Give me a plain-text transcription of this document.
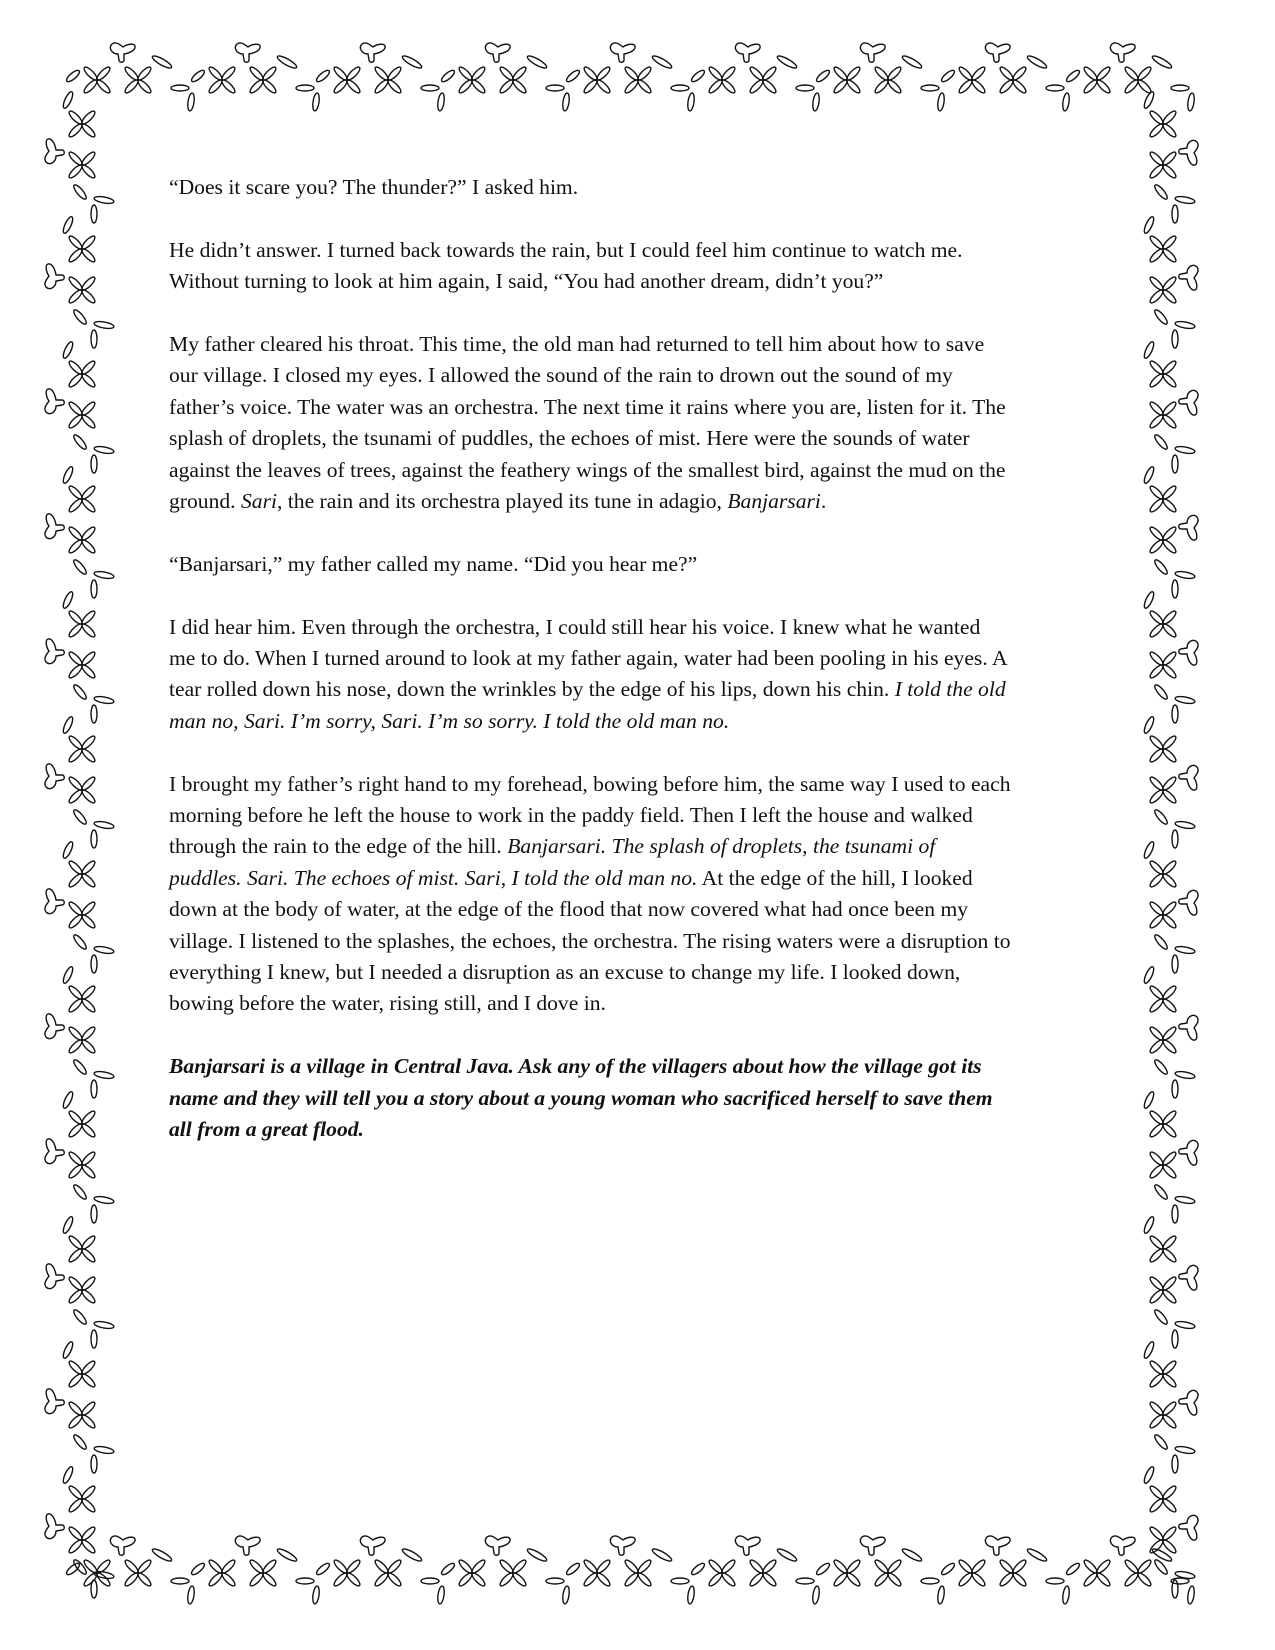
“Does it scare you? The thunder?” I asked him.

He didn’t answer. I turned back towards the rain, but I could feel him continue to watch me.
Without turning to look at him again, I said, “You had another dream, didn’t you?”

My father cleared his throat. This time, the old man had returned to tell him about how to save
our village. I closed my eyes. I allowed the sound of the rain to drown out the sound of my
father’s voice. The water was an orchestra. The next time it rains where you are, listen for it. The
splash of droplets, the tsunami of puddles, the echoes of mist. Here were the sounds of water
against the leaves of trees, against the feathery wings of the smallest bird, against the mud on the
ground. Sari, the rain and its orchestra played its tune in adagio, Banjarsari.

“Banjarsari,” my father called my name. “Did you hear me?”

I did hear him. Even through the orchestra, I could still hear his voice. I knew what he wanted
me to do. When I turned around to look at my father again, water had been pooling in his eyes. A
tear rolled down his nose, down the wrinkles by the edge of his lips, down his chin. I told the old
man no, Sari. I’m sorry, Sari. I’m so sorry. I told the old man no.

I brought my father’s right hand to my forehead, bowing before him, the same way I used to each
morning before he left the house to work in the paddy field. Then I left the house and walked
through the rain to the edge of the hill. Banjarsari. The splash of droplets, the tsunami of
puddles. Sari. The echoes of mist. Sari, I told the old man no. At the edge of the hill, I looked
down at the body of water, at the edge of the flood that now covered what had once been my
village. I listened to the splashes, the echoes, the orchestra. The rising waters were a disruption to
everything I knew, but I needed a disruption as an excuse to change my life. I looked down,
bowing before the water, rising still, and I dove in.

Banjarsari is a village in Central Java. Ask any of the villagers about how the village got its
name and they will tell you a story about a young woman who sacrificed herself to save them
all from a great flood.
